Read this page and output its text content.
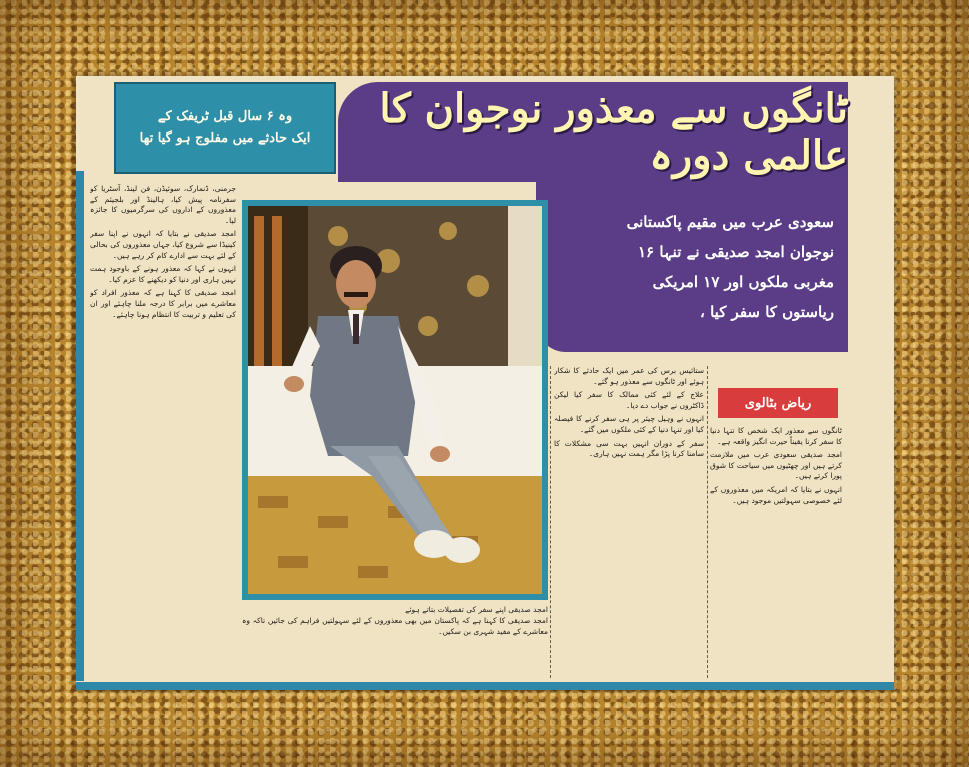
وہ ۶ سال قبل ٹریفک کے
ایک حادثے میں مفلوج ہو گیا تھا
ٹانگوں سے معذور نوجوان کا عالمی دورہ
سعودی عرب میں مقیم پاکستانی
نوجوان امجد صدیقی نے تنہا ۱۶
مغربی ملکوں اور ۱۷ امریکی
ریاستوں کا سفر کیا ،

جرمنی، ڈنمارک، سوئیڈن، فن لینڈ، آسٹریا کو سفرنامہ پیش کیا، ہالینڈ اور بلجیئم کے معذوروں کے اداروں کی سرگرمیوں کا جائزہ لیا۔

امجد صدیقی نے بتایا کہ انہوں نے اپنا سفر کینیڈا سے شروع کیا، جہاں معذوروں کی بحالی کے لئے بہت سے ادارے کام کر رہے ہیں۔

انہوں نے کہا کہ معذور ہونے کے باوجود ہمت نہیں ہاری اور دنیا کو دیکھنے کا عزم کیا۔

امجد صدیقی کا کہنا ہے کہ معذور افراد کو معاشرے میں برابر کا درجہ ملنا چاہئے اور ان کی تعلیم و تربیت کا انتظام ہونا چاہئے۔

امجد صدیقی اپنے سفر کی تفصیلات بتاتے ہوئے
امجد صدیقی کا کہنا ہے کہ پاکستان میں بھی معذوروں کے لئے سہولتیں فراہم کی جائیں تاکہ وہ معاشرے کے مفید شہری بن سکیں۔

ستائیس برس کی عمر میں ایک حادثے کا شکار ہوئے اور ٹانگوں سے معذور ہو گئے۔

علاج کے لئے کئی ممالک کا سفر کیا لیکن ڈاکٹروں نے جواب دے دیا۔

انہوں نے وہیل چیئر پر ہی سفر کرنے کا فیصلہ کیا اور تنہا دنیا کے کئی ملکوں میں گئے۔

سفر کے دوران انہیں بہت سی مشکلات کا سامنا کرنا پڑا مگر ہمت نہیں ہاری۔

ریاض بٹالوی

ٹانگوں سے معذور ایک شخص کا تنہا دنیا کا سفر کرنا یقیناً حیرت انگیز واقعہ ہے۔

امجد صدیقی سعودی عرب میں ملازمت کرتے ہیں اور چھٹیوں میں سیاحت کا شوق پورا کرتے ہیں۔

انہوں نے بتایا کہ امریکہ میں معذوروں کے لئے خصوصی سہولتیں موجود ہیں۔
